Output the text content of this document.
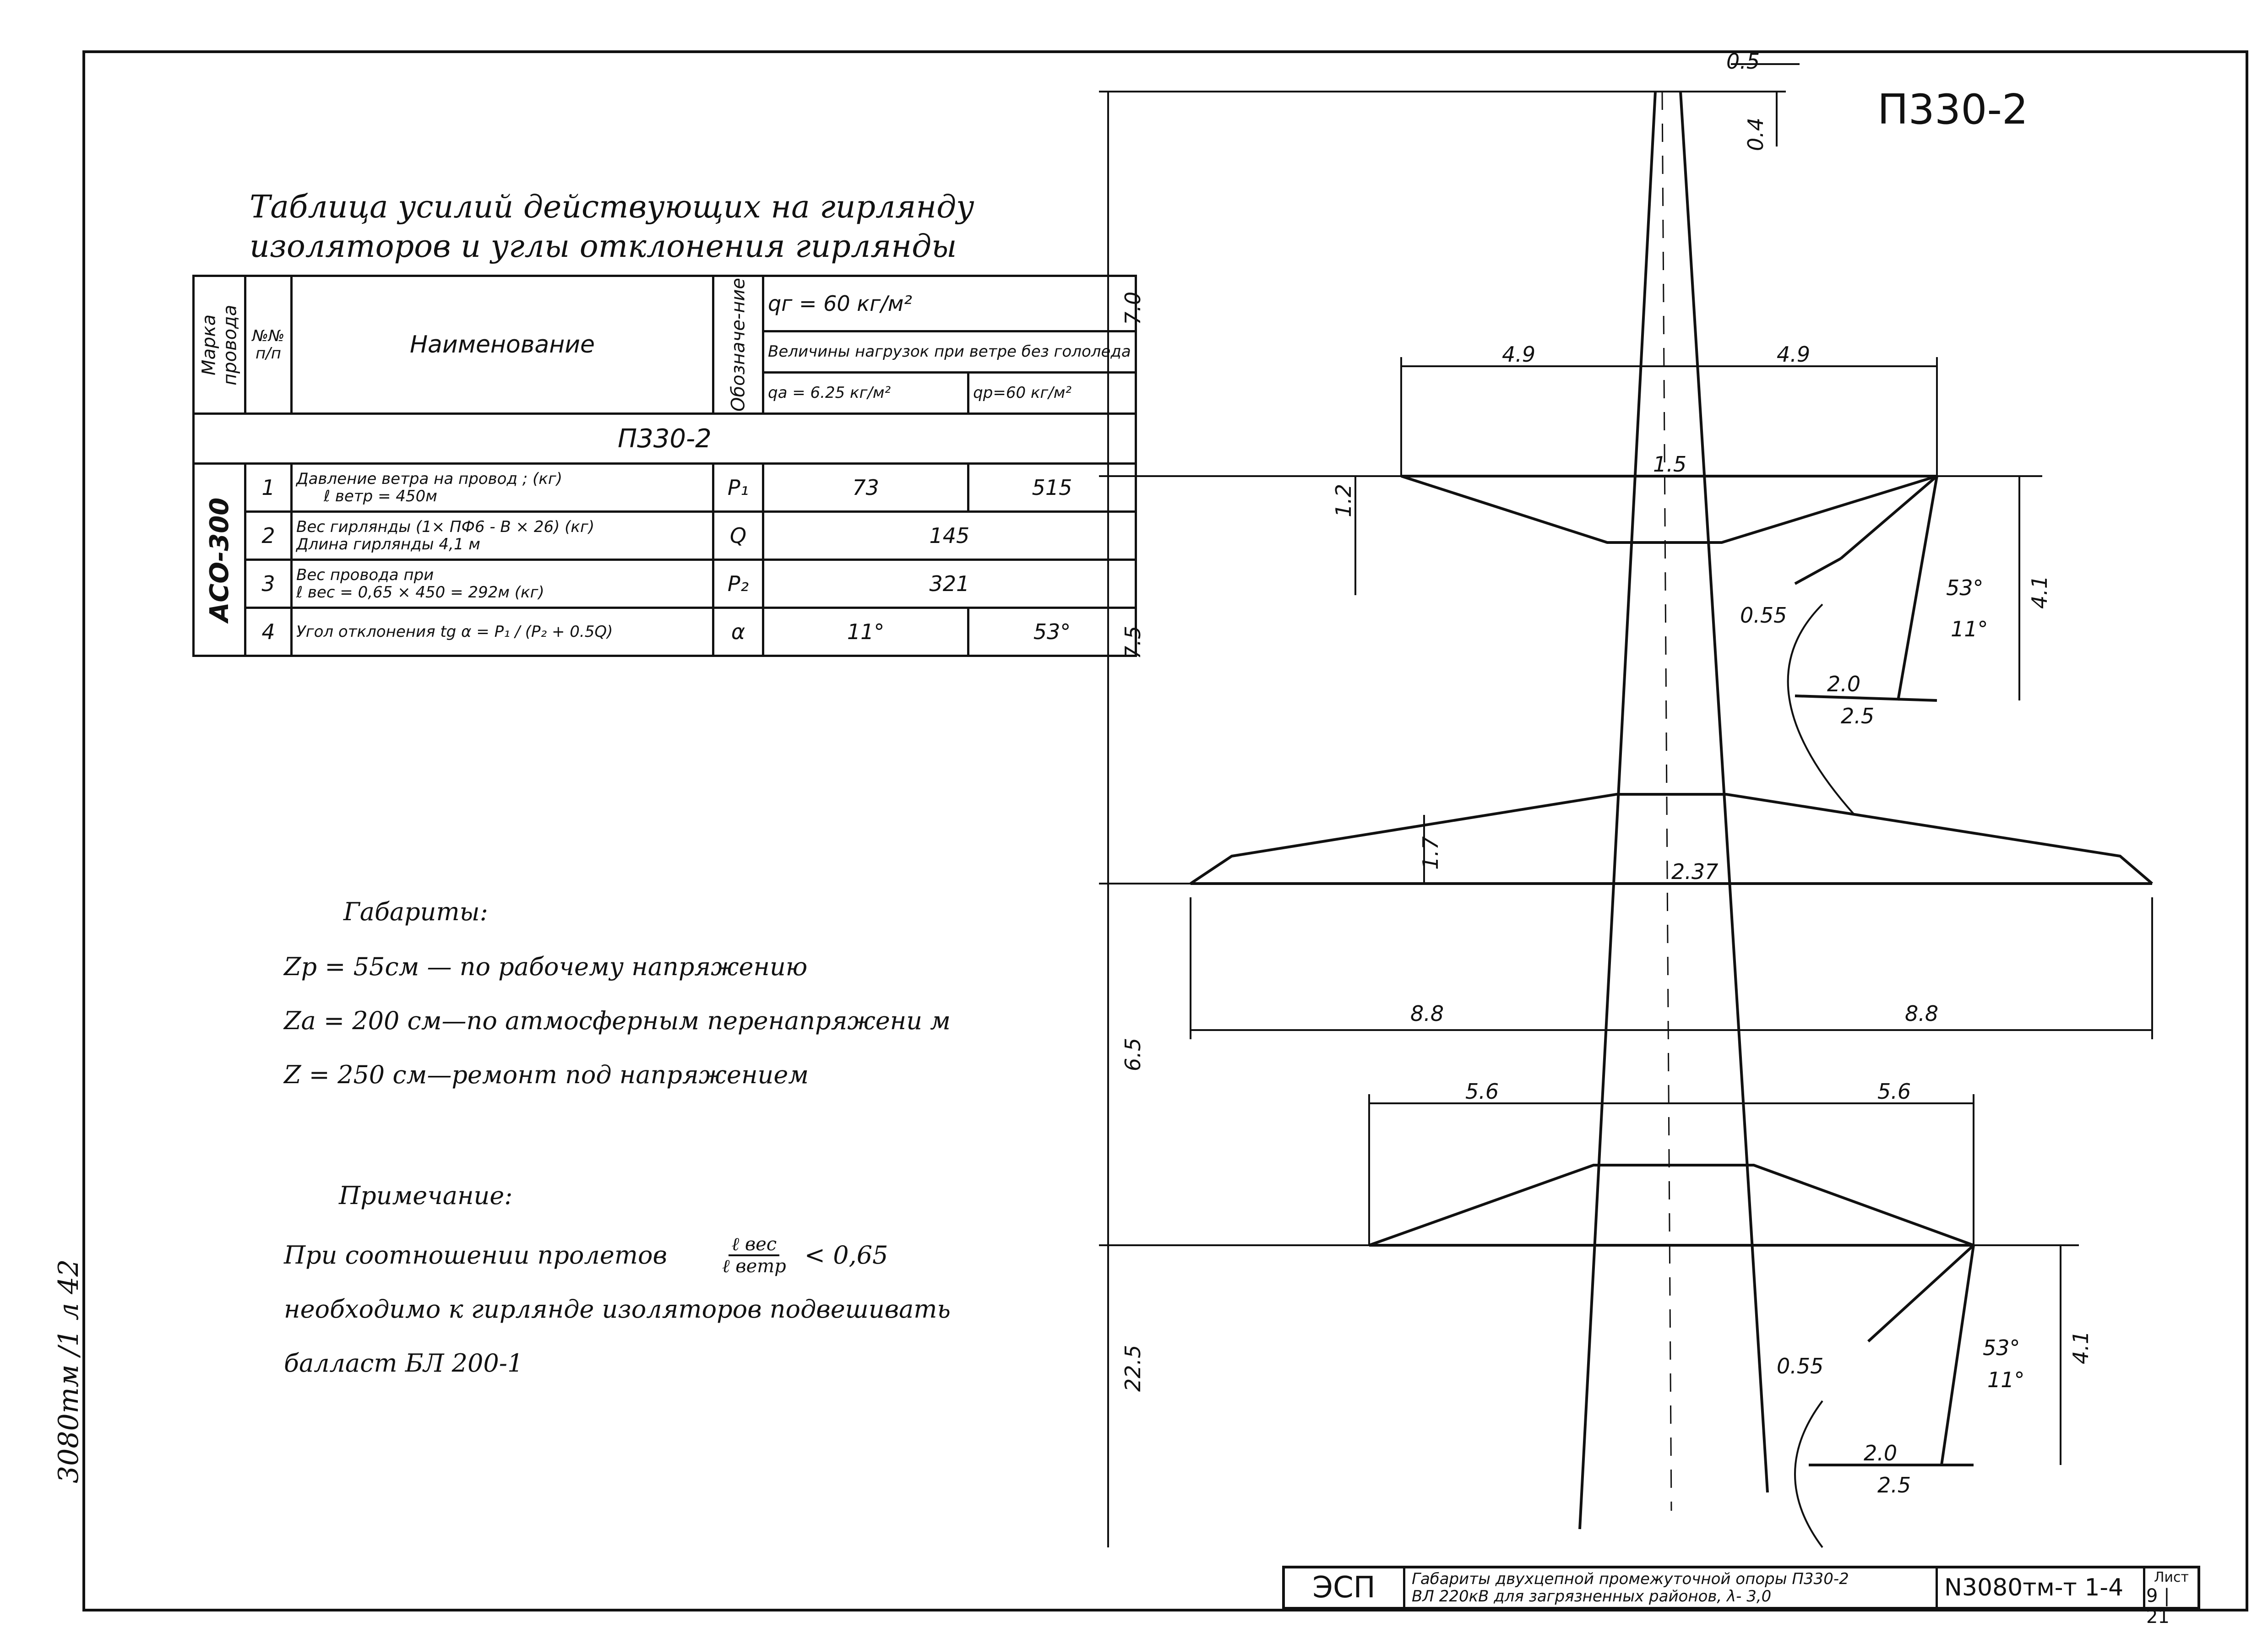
3080тм /1 л 42
Таблица усилий действующих на гирлянду
изоляторов и углы отклонения гирлянды
Марка провода	№№ п/п	Наименование	Обозначе-ние	qг = 60 кг/м²	
				Величины нагрузок при ветре без гололеда	
				qа = 6.25 кг/м²	qр=60 кг/м²
П330-2					
АСО-300	1	Давление ветра на провод ; (кг)
ℓ ветр = 450м	P₁	73	515
	2	Вес гирлянды (1× ПФ6 - В × 26) (кг)
Длина гирлянды 4,1 м	Q	145	
	3	Вес провода при
ℓ вес = 0,65 × 450 = 292м (кг)	P₂	321	
	4	Угол отклонения tg α = P₁ / (P₂ + 0.5Q)	α	11°	53°
Габариты:
Zр = 55см — по рабочему напряжению
Zа = 200 см—по атмосферным перенапряжени м
Z = 250 см—ремонт под напряжением
Примечание:
При соотношении пролетов	ℓ вес
ℓ ветр < 0,65
необходимо к гирлянде изоляторов подвешивать
балласт БЛ 200-1
0.5
0.4
7.0
7.5
6.5
22.5
4.9	4.9
1.5
1.2
53°
11°
4.1
0.55
2.0
2.5
1.7
2.37
8.8	8.8
5.6	5.6
53°
11°
4.1
0.55
2.0
2.5
П330-2
ЭСП	Габариты двухцепной промежуточной опоры П330-2
ВЛ 220кВ для загрязненных районов, λ- 3,0	N3080тм-т 1-4	Лист
9 | 21
